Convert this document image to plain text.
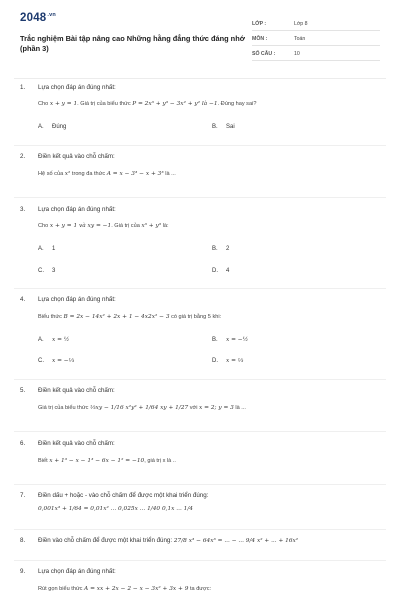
$2048^{.vn}$
Trắc nghiệm Bài tập nâng cao Những hằng đẳng thức đáng nhớ (phần 3)
LỚP :	Lớp 8
MÔN :	Toán
SỐ CÂU :	10
1. Lựa chọn đáp án đúng nhất:
Cho x + y = 1. Giá trị của biểu thức P = 2x³ + y³ − 3x² + y² là −1. Đúng hay sai?
A. Đúng	B. Sai
2. Điền kết quả vào chỗ chấm:
Hệ số của x² trong đa thức A = x − 3³ − x + 3³ là ...
3. Lựa chọn đáp án đúng nhất:
Cho x + y = 1 và xy = −1. Giá trị của x³ + y³ là:
A. 1	B. 2
C. 3	D. 4
4. Lựa chọn đáp án đúng nhất:
Biểu thức B = 2x − 14x² + 2x + 1 − 4x2x² − 3 có giá trị bằng 5 khi:
A. x = ½	B. x = −½
C. x = −⅓	D. x = ⅓
5. Điền kết quả vào chỗ chấm:
Giá trị của biểu thức ⅓xy − 1/16 x²y² + 1/64 xy + 1/27 với x = 2; y = 3 là ...
6. Điền kết quả vào chỗ chấm:
Biết x + 1³ − x − 1³ − 6x − 1² = −10, giá trị x là ..
7. Điền dấu + hoặc - vào chỗ chấm để được một khai triển đúng:
0,001x³ + 1/64 = 0,01x² ... 0,025x ... 1/40 0,1x ... 1/4
8. Điền vào chỗ chấm để được một khai triển đúng: 27/8 x³ − 64x³ = ... − ... 9/4 x² + ... + 16x²
9. Lựa chọn đáp án đúng nhất:
Rút gọn biểu thức A = xx + 2x − 2 − x − 3x² + 3x + 9 ta được:
